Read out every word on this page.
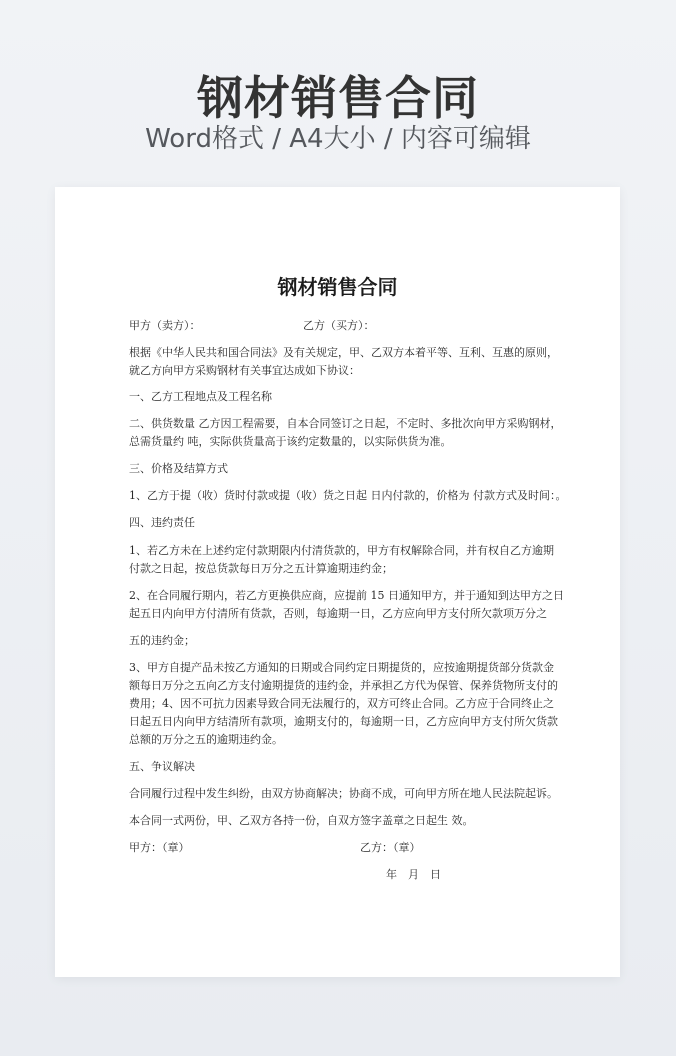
钢材销售合同
Word格式 / A4大小 / 内容可编辑
钢材销售合同
甲方（卖方）：	乙方（买方）：
根据《中华人民共和国合同法》及有关规定，甲、乙双方本着平等、互利、互惠的原则，
就乙方向甲方采购钢材有关事宜达成如下协议：
一、乙方工程地点及工程名称
二、供货数量 乙方因工程需要，自本合同签订之日起，不定时、多批次向甲方采购钢材，
总需货量约 吨，实际供货量高于该约定数量的，以实际供货为准。
三、价格及结算方式
1、乙方于提（收）货时付款或提（收）货之日起 日内付款的，价格为 付款方式及时间：。
四、违约责任
1、若乙方未在上述约定付款期限内付清货款的，甲方有权解除合同，并有权自乙方逾期
付款之日起，按总货款每日万分之五计算逾期违约金；
2、在合同履行期内，若乙方更换供应商，应提前 15 日通知甲方，并于通知到达甲方之日
起五日内向甲方付清所有货款，否则，每逾期一日，乙方应向甲方支付所欠款项万分之
五的违约金；
3、甲方自提产品未按乙方通知的日期或合同约定日期提货的，应按逾期提货部分货款金
额每日万分之五向乙方支付逾期提货的违约金，并承担乙方代为保管、保养货物所支付的
费用；4、因不可抗力因素导致合同无法履行的，双方可终止合同。乙方应于合同终止之
日起五日内向甲方结清所有款项，逾期支付的，每逾期一日，乙方应向甲方支付所欠货款
总额的万分之五的逾期违约金。
五、争议解决
合同履行过程中发生纠纷，由双方协商解决；协商不成，可向甲方所在地人民法院起诉。
本合同一式两份，甲、乙双方各持一份，自双方签字盖章之日起生 效。
甲方：（章）	乙方：（章）
年　月　日
